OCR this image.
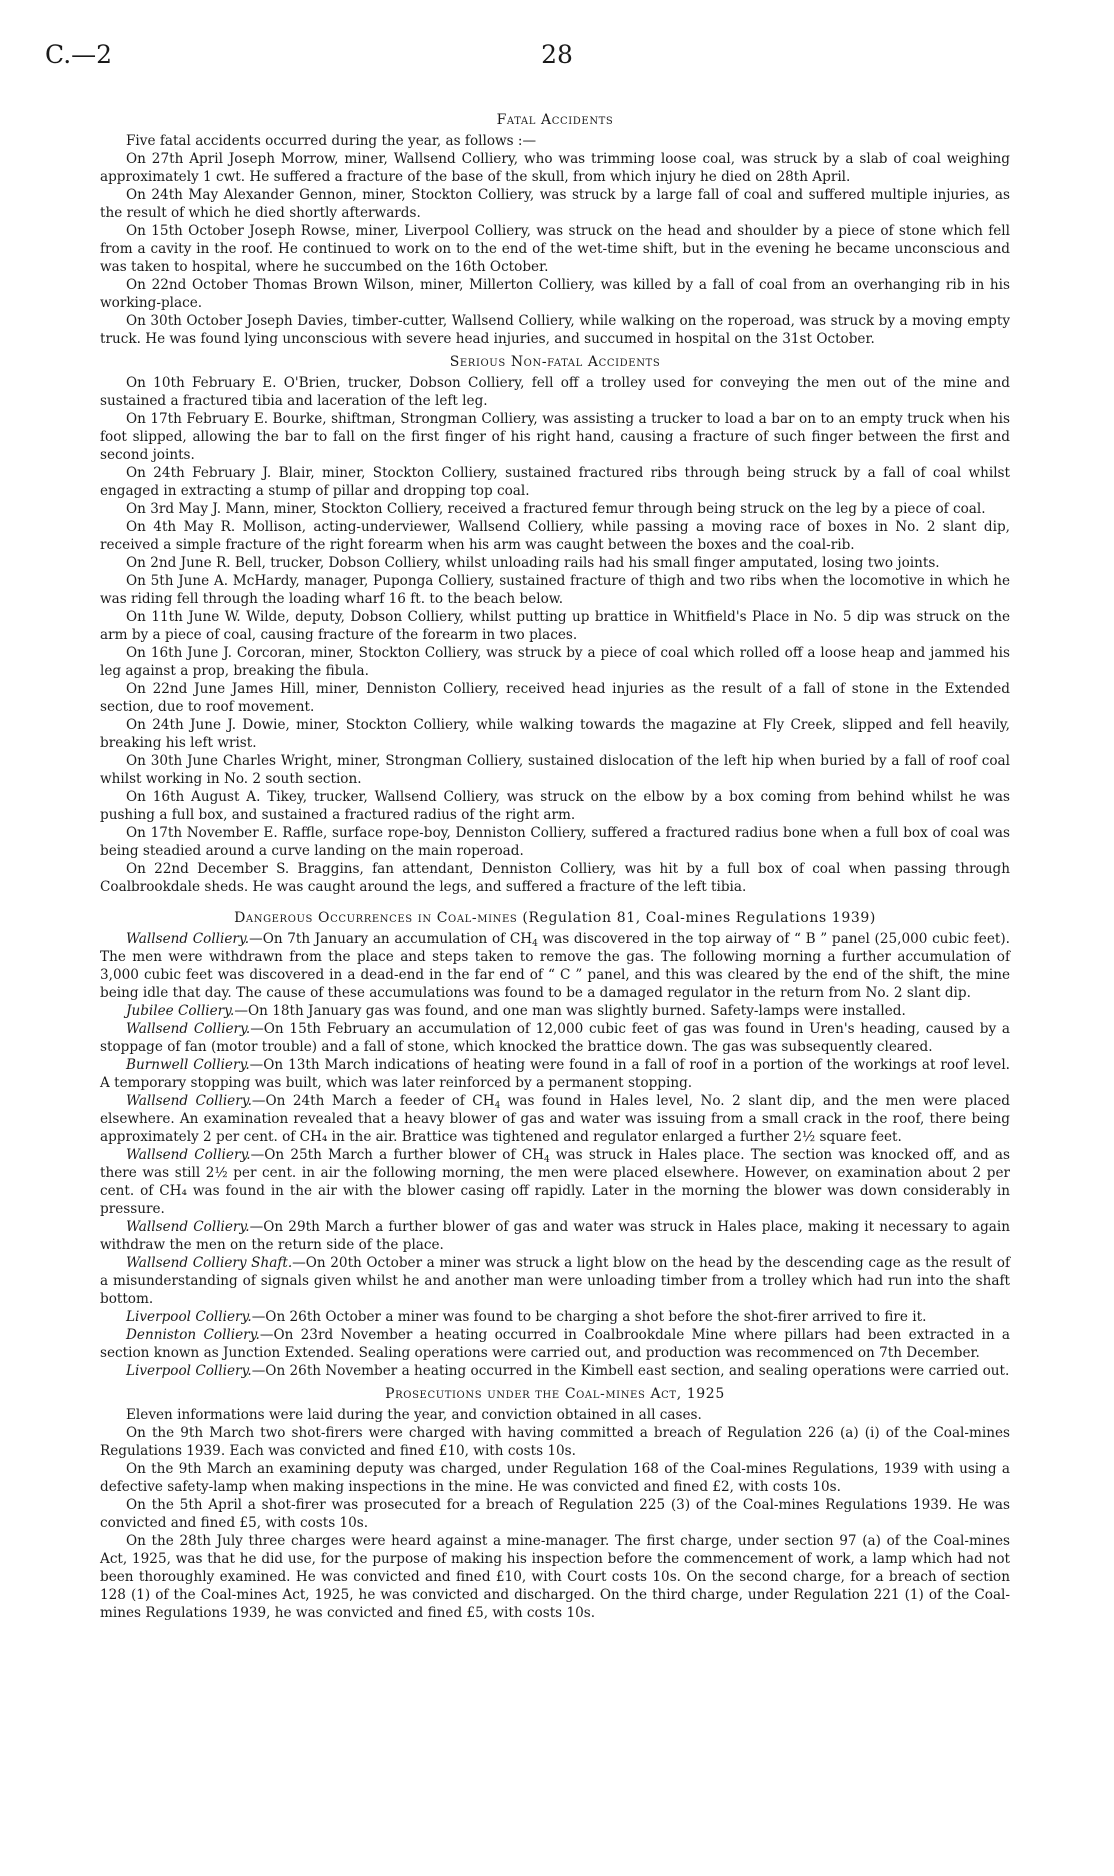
C.—2	28
Fatal Accidents

Five fatal accidents occurred during the year, as follows :—

On 27th April Joseph Morrow, miner, Wallsend Colliery, who was trimming loose coal, was struck by a slab of coal weighing approximately 1 cwt. He suffered a fracture of the base of the skull, from which injury he died on 28th April.

On 24th May Alexander Gennon, miner, Stockton Colliery, was struck by a large fall of coal and suffered multiple injuries, as the result of which he died shortly afterwards.

On 15th October Joseph Rowse, miner, Liverpool Colliery, was struck on the head and shoulder by a piece of stone which fell from a cavity in the roof. He continued to work on to the end of the wet-time shift, but in the evening he became unconscious and was taken to hospital, where he succumbed on the 16th October.

On 22nd October Thomas Brown Wilson, miner, Millerton Colliery, was killed by a fall of coal from an overhanging rib in his working-place.

On 30th October Joseph Davies, timber-cutter, Wallsend Colliery, while walking on the roperoad, was struck by a moving empty truck. He was found lying unconscious with severe head injuries, and succumed in hospital on the 31st October.

Serious Non-fatal Accidents

On 10th February E. O'Brien, trucker, Dobson Colliery, fell off a trolley used for conveying the men out of the mine and sustained a fractured tibia and laceration of the left leg.

On 17th February E. Bourke, shiftman, Strongman Colliery, was assisting a trucker to load a bar on to an empty truck when his foot slipped, allowing the bar to fall on the first finger of his right hand, causing a fracture of such finger between the first and second joints.

On 24th February J. Blair, miner, Stockton Colliery, sustained fractured ribs through being struck by a fall of coal whilst engaged in extracting a stump of pillar and dropping top coal.

On 3rd May J. Mann, miner, Stockton Colliery, received a fractured femur through being struck on the leg by a piece of coal.

On 4th May R. Mollison, acting-underviewer, Wallsend Colliery, while passing a moving race of boxes in No. 2 slant dip, received a simple fracture of the right forearm when his arm was caught between the boxes and the coal-rib.

On 2nd June R. Bell, trucker, Dobson Colliery, whilst unloading rails had his small finger amputated, losing two joints.

On 5th June A. McHardy, manager, Puponga Colliery, sustained fracture of thigh and two ribs when the locomotive in which he was riding fell through the loading wharf 16 ft. to the beach below.

On 11th June W. Wilde, deputy, Dobson Colliery, whilst putting up brattice in Whitfield's Place in No. 5 dip was struck on the arm by a piece of coal, causing fracture of the forearm in two places.

On 16th June J. Corcoran, miner, Stockton Colliery, was struck by a piece of coal which rolled off a loose heap and jammed his leg against a prop, breaking the fibula.

On 22nd June James Hill, miner, Denniston Colliery, received head injuries as the result of a fall of stone in the Extended section, due to roof movement.

On 24th June J. Dowie, miner, Stockton Colliery, while walking towards the magazine at Fly Creek, slipped and fell heavily, breaking his left wrist.

On 30th June Charles Wright, miner, Strongman Colliery, sustained dislocation of the left hip when buried by a fall of roof coal whilst working in No. 2 south section.

On 16th August A. Tikey, trucker, Wallsend Colliery, was struck on the elbow by a box coming from behind whilst he was pushing a full box, and sustained a fractured radius of the right arm.

On 17th November E. Raffle, surface rope-boy, Denniston Colliery, suffered a fractured radius bone when a full box of coal was being steadied around a curve landing on the main roperoad.

On 22nd December S. Braggins, fan attendant, Denniston Colliery, was hit by a full box of coal when passing through Coalbrookdale sheds. He was caught around the legs, and suffered a fracture of the left tibia.

Dangerous Occurrences in Coal-mines (Regulation 81, Coal-mines Regulations 1939)

Wallsend Colliery.—On 7th January an accumulation of $CH_4$ was discovered in the top airway of “ B ” panel (25,000 cubic feet). The men were withdrawn from the place and steps taken to remove the gas. The following morning a further accumulation of 3,000 cubic feet was discovered in a dead-end in the far end of “ C ” panel, and this was cleared by the end of the shift, the mine being idle that day. The cause of these accumulations was found to be a damaged regulator in the return from No. 2 slant dip.

Jubilee Colliery.—On 18th January gas was found, and one man was slightly burned. Safety-lamps were installed.

Wallsend Colliery.—On 15th February an accumulation of 12,000 cubic feet of gas was found in Uren's heading, caused by a stoppage of fan (motor trouble) and a fall of stone, which knocked the brattice down. The gas was subsequently cleared.

Burnwell Colliery.—On 13th March indications of heating were found in a fall of roof in a portion of the workings at roof level. A temporary stopping was built, which was later reinforced by a permanent stopping.

Wallsend Colliery.—On 24th March a feeder of $CH_4$ was found in Hales level, No. 2 slant dip, and the men were placed elsewhere. An examination revealed that a heavy blower of gas and water was issuing from a small crack in the roof, there being approximately 2 per cent. of CH₄ in the air. Brattice was tightened and regulator enlarged a further 2½ square feet.

Wallsend Colliery.—On 25th March a further blower of $CH_4$ was struck in Hales place. The section was knocked off, and as there was still 2½ per cent. in air the following morning, the men were placed elsewhere. However, on examination about 2 per cent. of CH₄ was found in the air with the blower casing off rapidly. Later in the morning the blower was down considerably in pressure.

Wallsend Colliery.—On 29th March a further blower of gas and water was struck in Hales place, making it necessary to again withdraw the men on the return side of the place.

Wallsend Colliery Shaft.—On 20th October a miner was struck a light blow on the head by the descending cage as the result of a misunderstanding of signals given whilst he and another man were unloading timber from a trolley which had run into the shaft bottom.

Liverpool Colliery.—On 26th October a miner was found to be charging a shot before the shot-firer arrived to fire it.

Denniston Colliery.—On 23rd November a heating occurred in Coalbrookdale Mine where pillars had been extracted in a section known as Junction Extended. Sealing operations were carried out, and production was recommenced on 7th December.

Liverpool Colliery.—On 26th November a heating occurred in the Kimbell east section, and sealing operations were carried out.

Prosecutions under the Coal-mines Act, 1925

Eleven informations were laid during the year, and conviction obtained in all cases.

On the 9th March two shot-firers were charged with having committed a breach of Regulation 226 (a) (i) of the Coal-mines Regulations 1939. Each was convicted and fined £10, with costs 10s.

On the 9th March an examining deputy was charged, under Regulation 168 of the Coal-mines Regulations, 1939 with using a defective safety-lamp when making inspections in the mine. He was convicted and fined £2, with costs 10s.

On the 5th April a shot-firer was prosecuted for a breach of Regulation 225 (3) of the Coal-mines Regulations 1939. He was convicted and fined £5, with costs 10s.

On the 28th July three charges were heard against a mine-manager. The first charge, under section 97 (a) of the Coal-mines Act, 1925, was that he did use, for the purpose of making his inspection before the commencement of work, a lamp which had not been thoroughly examined. He was convicted and fined £10, with Court costs 10s. On the second charge, for a breach of section 128 (1) of the Coal-mines Act, 1925, he was convicted and discharged. On the third charge, under Regulation 221 (1) of the Coal-mines Regulations 1939, he was convicted and fined £5, with costs 10s.
